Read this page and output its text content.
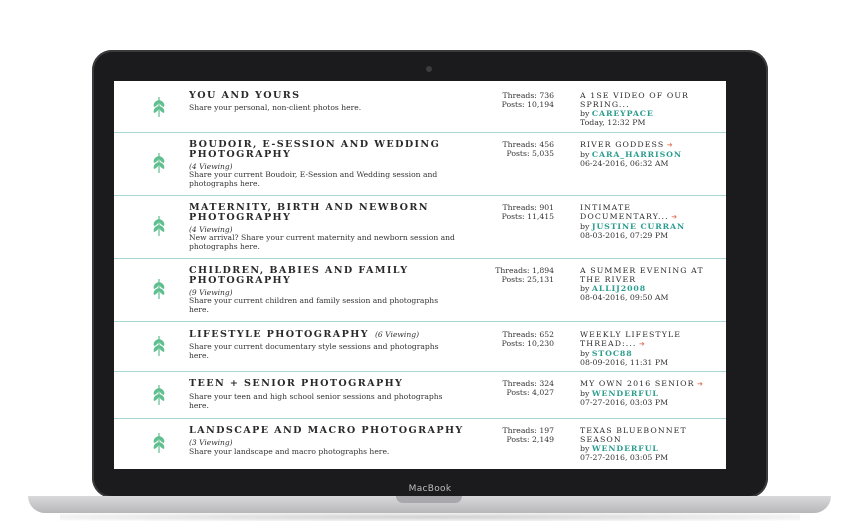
YOU AND YOURS
Share your personal, non-client photos here.
Threads: 736
Posts: 10,194
A 1SE VIDEO OF OUR SPRING...
by CAREYPACE
Today, 12:32 PM
BOUDOIR, E-SESSION AND WEDDING PHOTOGRAPHY
(4 Viewing)
Share your current Boudoir, E-Session and Wedding session and photographs here.
Threads: 456
Posts: 5,035
RIVER GODDESS ➜
by CARA_HARRISON
06-24-2016, 06:32 AM
MATERNITY, BIRTH AND NEWBORN PHOTOGRAPHY
(4 Viewing)
New arrival? Share your current maternity and newborn session and photographs here.
Threads: 901
Posts: 11,415
INTIMATE DOCUMENTARY... ➜
by JUSTINE CURRAN
08-03-2016, 07:29 PM
CHILDREN, BABIES AND FAMILY PHOTOGRAPHY
(9 Viewing)
Share your current children and family session and photographs here.
Threads: 1,894
Posts: 25,131
A SUMMER EVENING AT THE RIVER
by ALLIJ2008
08-04-2016, 09:50 AM
LIFESTYLE PHOTOGRAPHY (6 Viewing)
Share your current documentary style sessions and photographs here.
Threads: 652
Posts: 10,230
WEEKLY LIFESTYLE THREAD:... ➜
by STOC88
08-09-2016, 11:31 PM
TEEN + SENIOR PHOTOGRAPHY
Share your teen and high school senior sessions and photographs here.
Threads: 324
Posts: 4,027
MY OWN 2016 SENIOR ➜
by WENDERFUL
07-27-2016, 03:03 PM
LANDSCAPE AND MACRO PHOTOGRAPHY
(3 Viewing)
Share your landscape and macro photographs here.
Threads: 197
Posts: 2,149
TEXAS BLUEBONNET SEASON
by WENDERFUL
07-27-2016, 03:05 PM
MacBook
